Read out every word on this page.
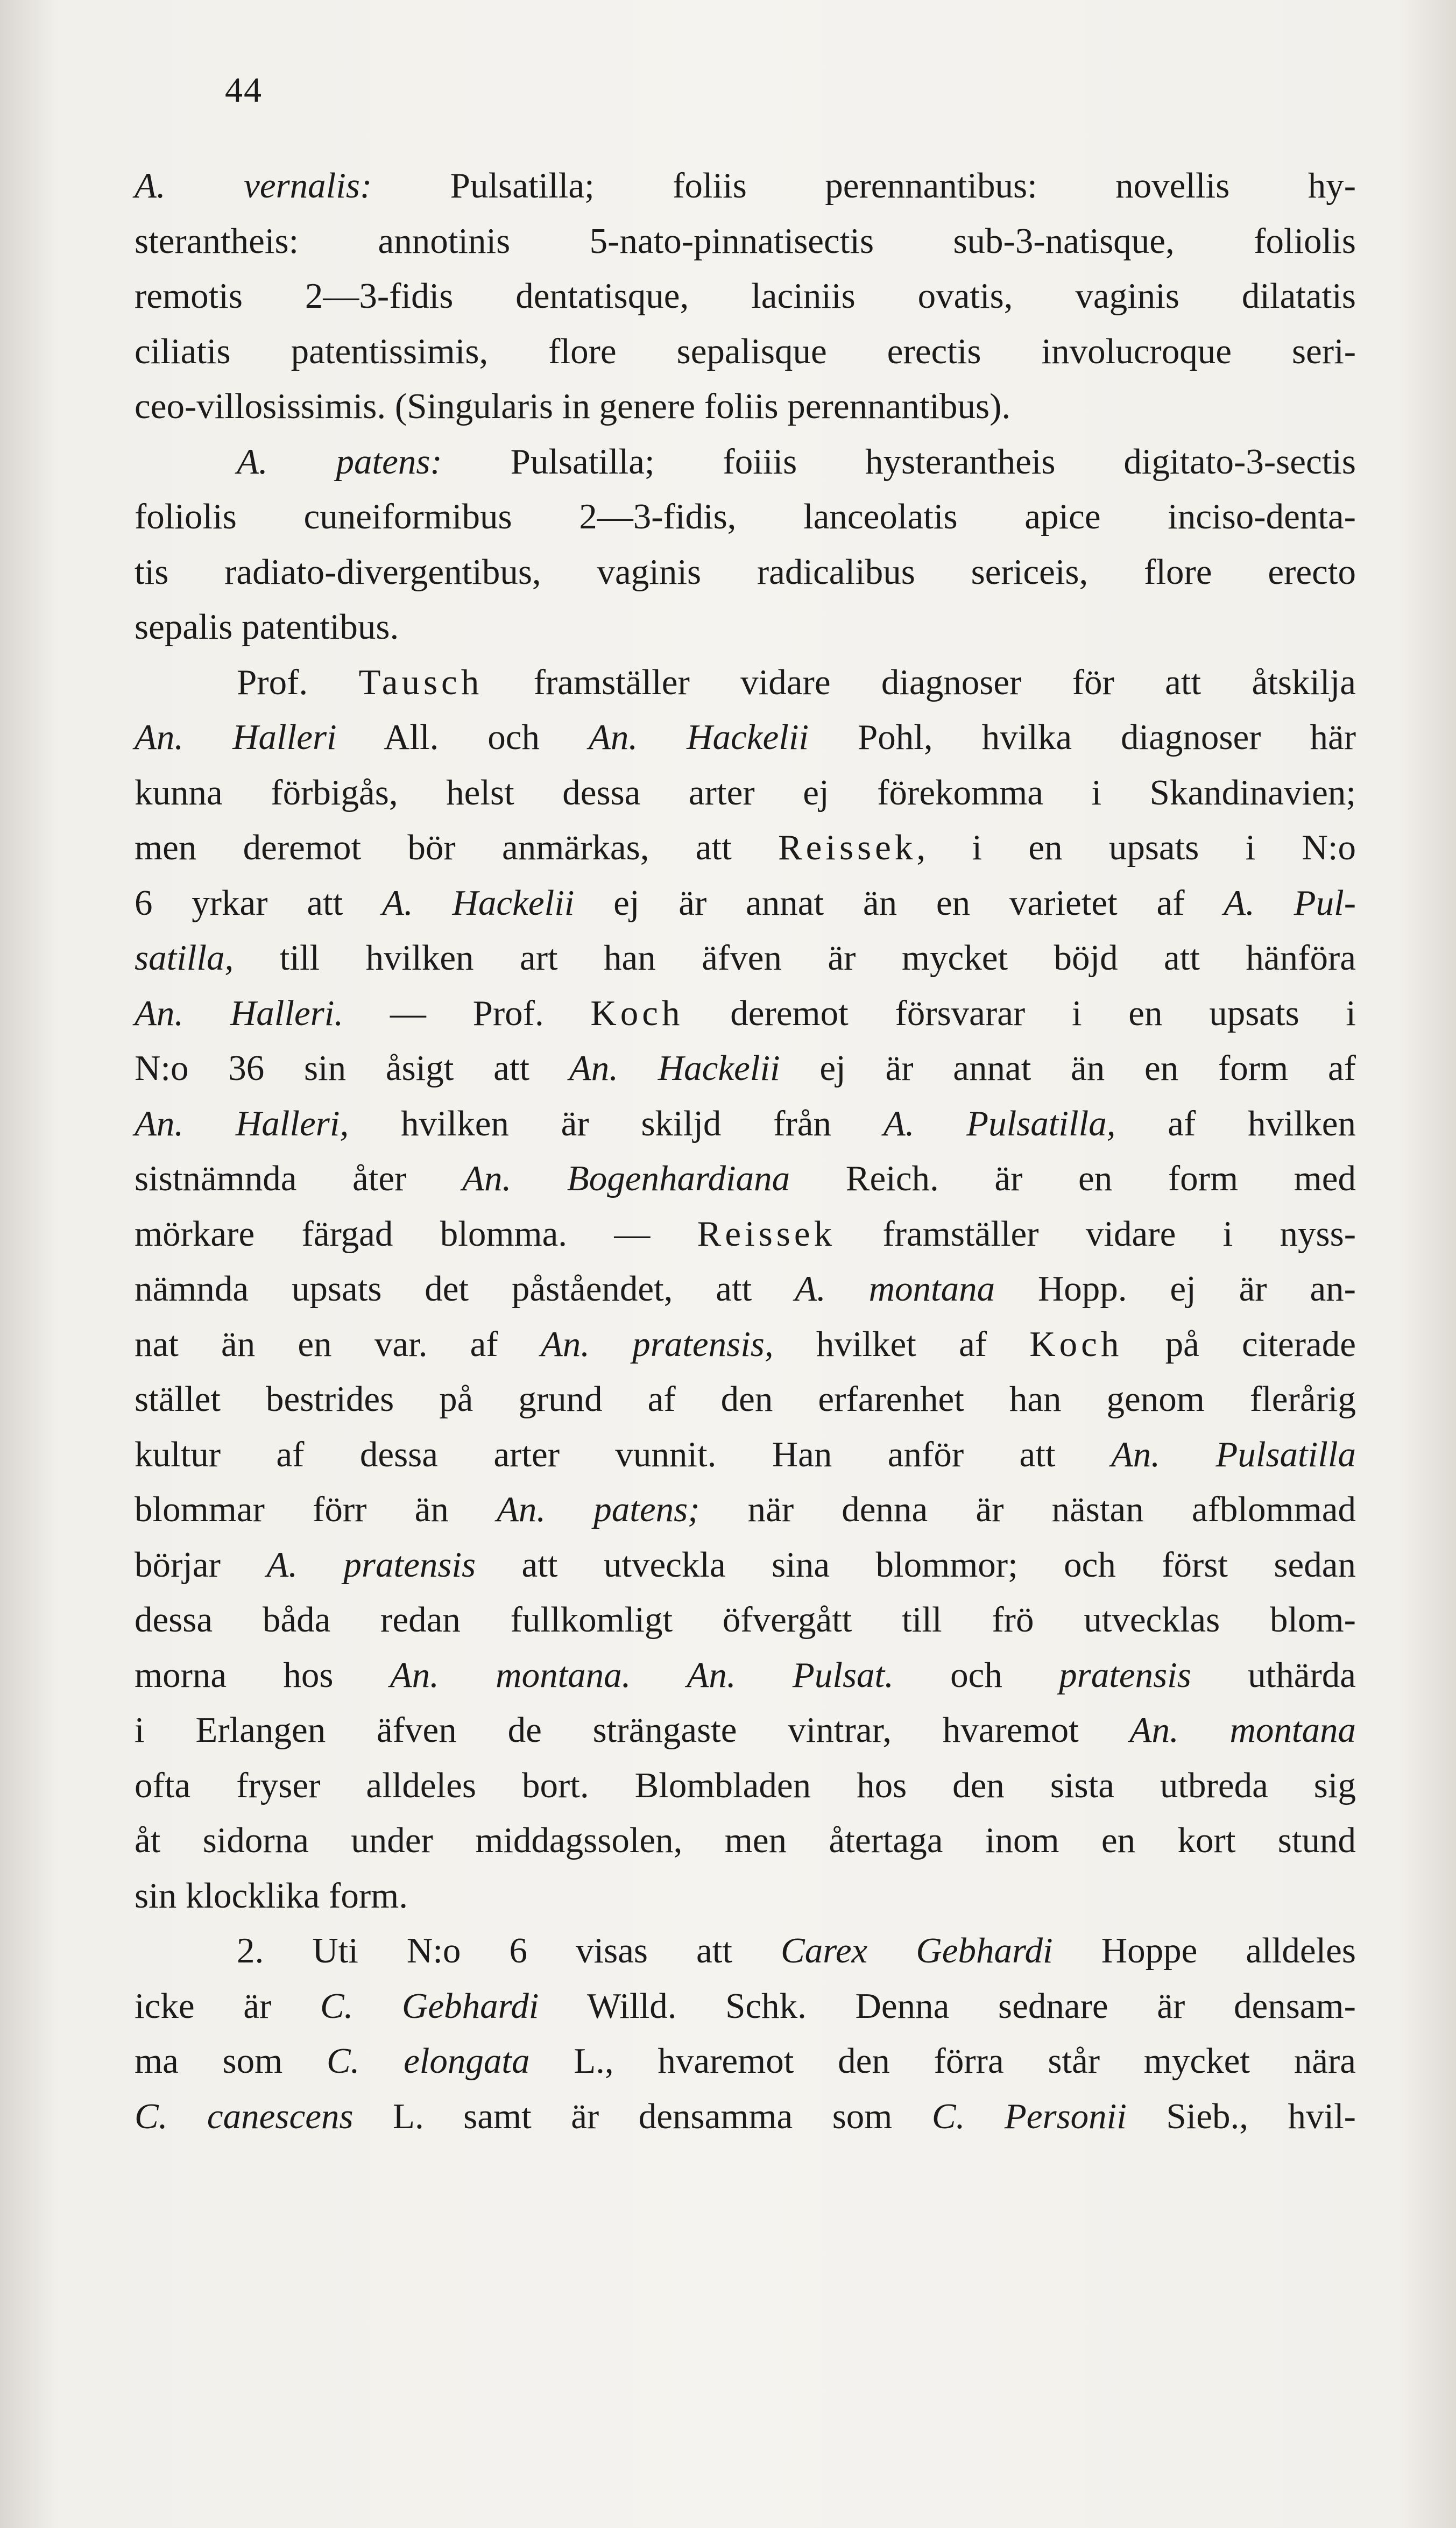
44
A. vernalis: Pulsatilla; foliis perennantibus: novellis hy-
sterantheis: annotinis 5-nato-pinnatisectis sub-3-natisque, foliolis
remotis 2—3-fidis dentatisque, laciniis ovatis, vaginis dilatatis
ciliatis patentissimis, flore sepalisque erectis involucroque seri-
ceo-villosissimis. (Singularis in genere foliis perennantibus).
A. patens: Pulsatilla; foiiis hysteranthеis digitato-3-sectis
foliolis cuneiformibus 2—3-fidis, lanceolatis apice inciso-denta-
tis radiato-divergentibus, vaginis radicalibus sericeis, flore erecto
sepalis patentibus.
Prof. Tausch framställer vidare diagnoser för att åtskilja
An. Halleri All. och An. Hackelii Pohl, hvilka diagnoser här
kunna förbigås, helst dessa arter ej förekomma i Skandinavien;
men deremot bör anmärkas, att Reissek, i en upsats i N:o
6 yrkar att A. Hackelii ej är annat än en varietet af A. Pul-
satilla, till hvilken art han äfven är mycket böjd att hänföra
An. Halleri. — Prof. Koch deremot försvarar i en upsats i
N:o 36 sin åsigt att An. Hackelii ej är annat än en form af
An. Halleri, hvilken är skiljd från A. Pulsatilla, af hvilken
sistnämnda åter An. Bogenhardiana Reich. är en form med
mörkare färgad blomma. — Reissek framställer vidare i nyss-
nämnda upsats det påståendet, att A. montana Hopp. ej är an-
nat än en var. af An. pratensis, hvilket af Koch på citerade
stället bestrides på grund af den erfarenhet han genom flerårig
kultur af dessa arter vunnit. Han anför att An. Pulsatilla
blommar förr än An. patens; när denna är nästan afblommad
börjar A. pratensis att utveckla sina blommor; och först sedan
dessa båda redan fullkomligt öfvergått till frö utvecklas blom-
morna hos An. montana. An. Pulsat. och pratensis uthärda
i Erlangen äfven de strängaste vintrar, hvaremot An. montana
ofta fryser alldeles bort. Blombladen hos den sista utbreda sig
åt sidorna under middagssolen, men återtaga inom en kort stund
sin klocklika form.
2. Uti N:o 6 visas att Carex Gebhardi Hoppe alldeles
icke är C. Gebhardi Willd. Schk. Denna sednare är densam-
ma som C. elongata L., hvaremot den förra står mycket nära
C. canescens L. samt är densamma som C. Personii Sieb., hvil-
